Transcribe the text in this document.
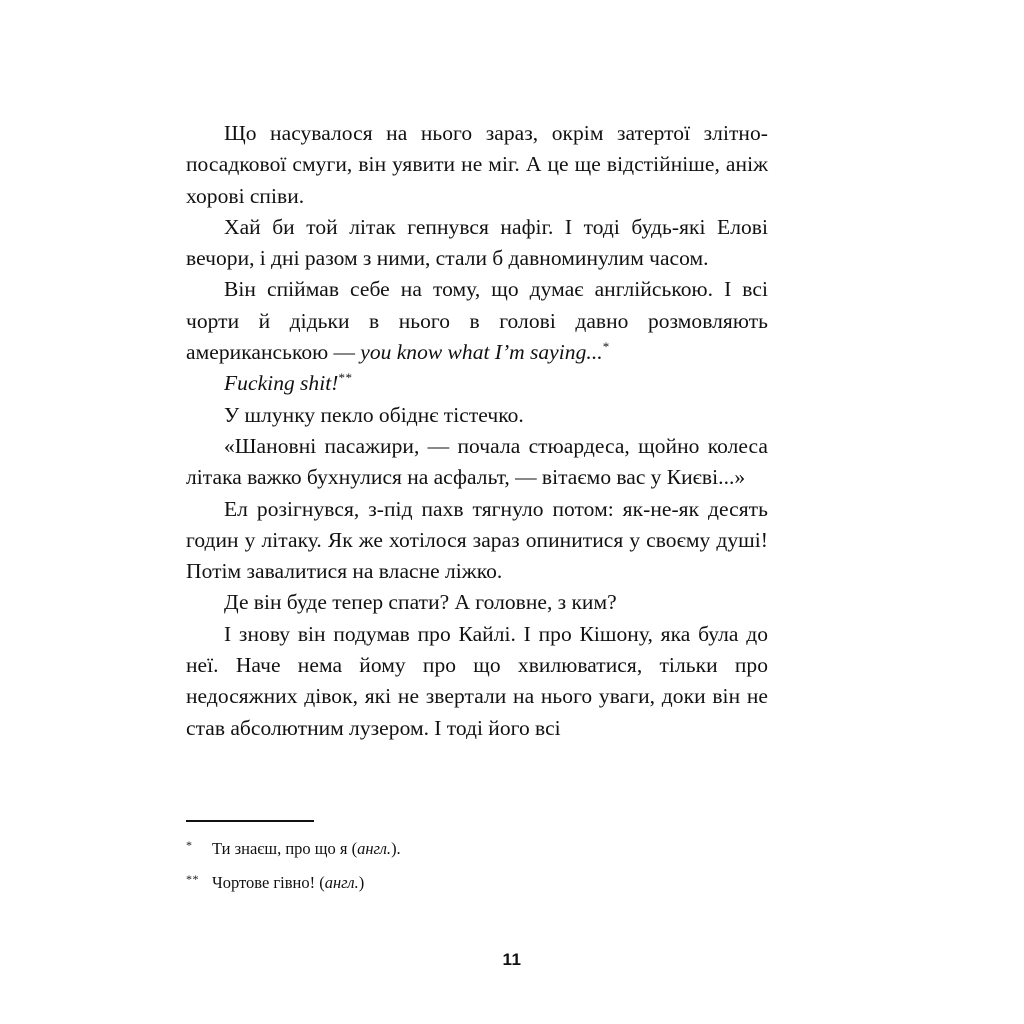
Що насувалося на нього зараз, окрім затертої злітно-посадкової смуги, він уявити не міг. А це ще відстійніше, аніж хорові співи.

Хай би той літак гепнувся нафіг. І тоді будь-які Елові вечори, і дні разом з ними, стали б давноминулим часом.

Він спіймав себе на тому, що думає англійською. І всі чорти й дідьки в нього в голові давно розмовляють американською — you know what I’m saying...*

Fucking shit!**

У шлунку пекло обіднє тістечко.

«Шановні пасажири, — почала стюардеса, щойно колеса літака важко бухнулися на асфальт, — вітаємо вас у Києві...»

Ел розігнувся, з-під пахв тягнуло потом: як-не-як десять годин у літаку. Як же хотілося зараз опинитися у своєму душі! Потім завалитися на власне ліжко.

Де він буде тепер спати? А головне, з ким?

І знову він подумав про Кайлі. І про Кішону, яка була до неї. Наче нема йому про що хвилюватися, тільки про недосяжних дівок, які не звертали на нього уваги, доки він не став абсолютним лузером. І тоді його всі

*	Ти знаєш, про що я (англ.).
** Чортове гівно! (англ.)
11
